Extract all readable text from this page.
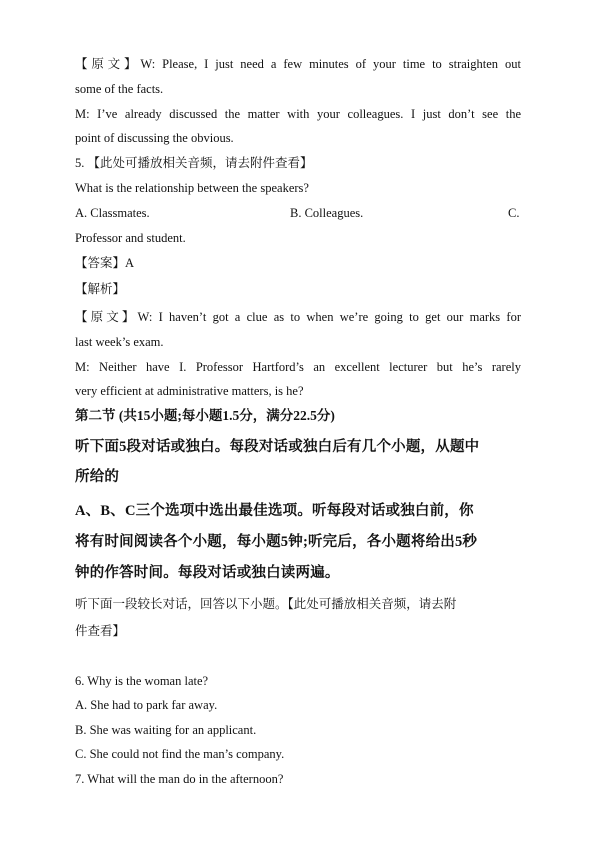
【原文】W: Please, I just need a few minutes of your time to straighten out
some of the facts.
M: I’ve already discussed the matter with your colleagues. I just don’t see the
point of discussing the obvious.
5. 【此处可播放相关音频，请去附件查看】
What is the relationship between the speakers?
A. Classmates.	B. Colleagues.	C.
Professor and student.
【答案】A
【解析】
【原文】W: I haven’t got a clue as to when we’re going to get our marks for
last week’s exam.
M: Neither have I. Professor Hartford’s an excellent lecturer but he’s rarely
very efficient at administrative matters, is he?
第二节 (共15小题;每小题1.5分，满分22.5分)
听下面5段对话或独白。每段对话或独白后有几个小题，从题中
所给的
A、B、C三个选项中选出最佳选项。听每段对话或独白前，你
将有时间阅读各个小题，每小题5钟;听完后，各小题将给出5秒
钟的作答时间。每段对话或独白读两遍。
听下面一段较长对话，回答以下小题。【此处可播放相关音频，请去附
件查看】
6. Why is the woman late?
A. She had to park far away.
B. She was waiting for an applicant.
C. She could not find the man’s company.
7. What will the man do in the afternoon?
